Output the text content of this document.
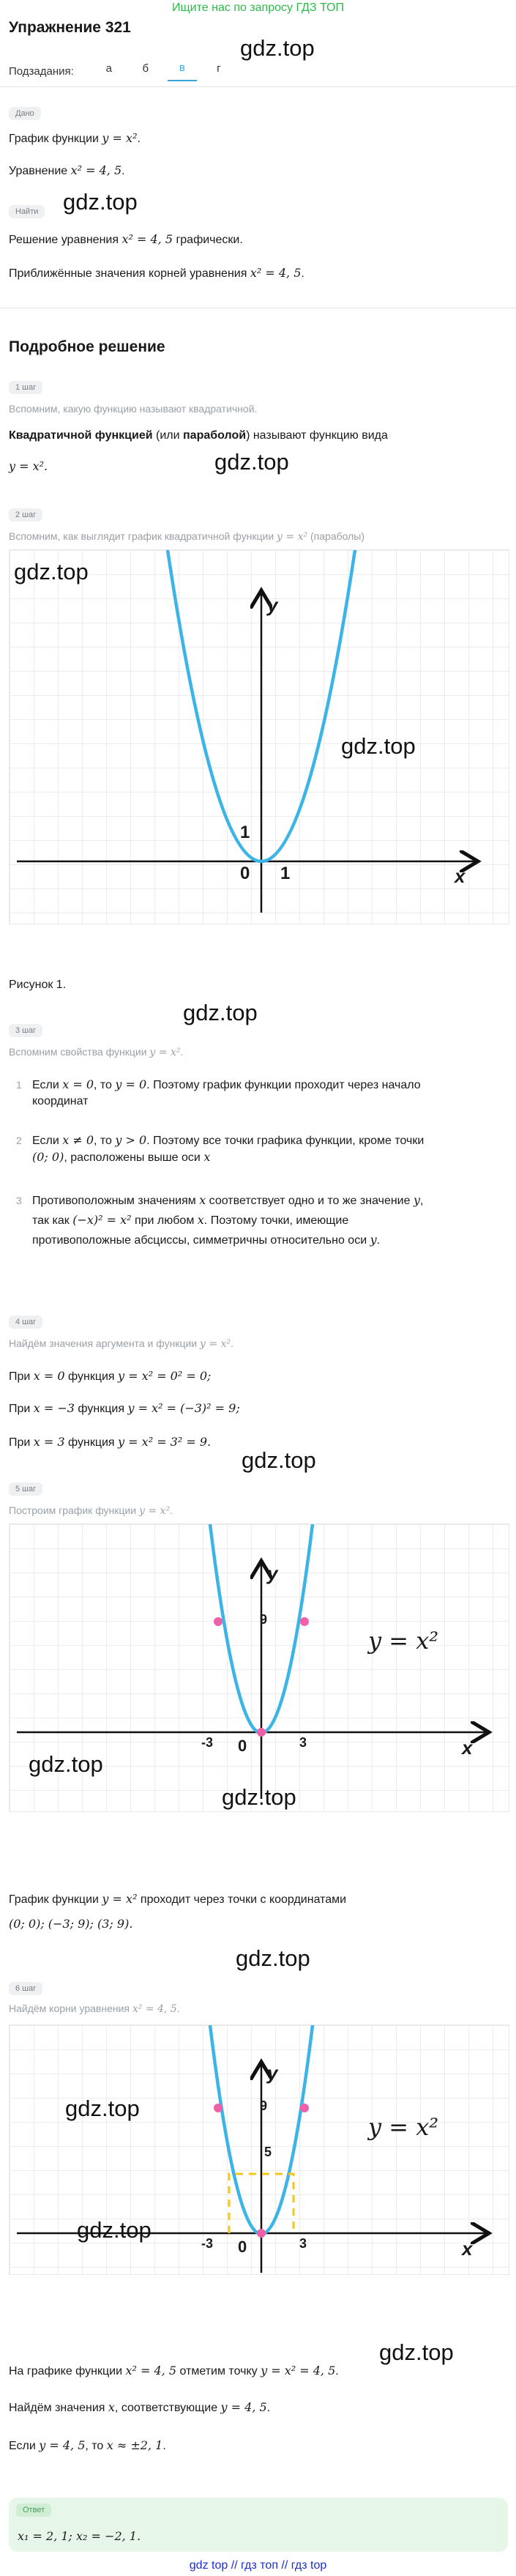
Ищите нас по запросу ГДЗ ТОП
Упражнение 321
gdz.top
Подзадания:	а	б	в	г
Дано
График функции y = x².
Уравнение x² = 4, 5.
Найти gdz.top
Решение уравнения x² = 4, 5 графически.
Приближённые значения корней уравнения x² = 4, 5.
Подробное решение
1 шаг
Вспомним, какую функцию называют квадратичной.
Квадратичной функцией (или параболой) называют функцию вида
y = x².	gdz.top
2 шаг
Вспомним, как выглядит график квадратичной функции y = x² (параболы)
y
x
0 1
1
gdz.top
gdz.top
Рисунок 1.
gdz.top
3 шаг
Вспомним свойства функции y = x².
1 Если x = 0, то y = 0. Поэтому график функции проходит через начало
координат
2 Если x ≠ 0, то y > 0. Поэтому все точки графика функции, кроме точки
(0; 0), расположены выше оси x
3 Противоположным значениям x соответствует одно и то же значение y,
так как (−x)² = x² при любом x. Поэтому точки, имеющие
противоположные абсциссы, симметричны относительно оси y.
4 шаг
Найдём значения аргумента и функции y = x².
При x = 0 функция y = x² = 0² = 0;
При x = −3 функция y = x² = (−3)² = 9;
При x = 3 функция y = x² = 3² = 9.
gdz.top
5 шаг
Построим график функции y = x².
y
x
0
-3	3
9
y = x²
gdz.top
gdz.top
График функции y = x² проходит через точки с координатами
(0; 0); (−3; 9); (3; 9).
gdz.top
6 шаг
Найдём корни уравнения x² = 4, 5.
y
x
0
-3	3
9
5
y = x²
gdz.top
gdz.top
gdz.top
На графике функции x² = 4, 5 отметим точку y = x² = 4, 5.
Найдём значения x, соответствующие y = 4, 5.
Если y = 4, 5, то x ≈ ±2, 1.
Ответ
x₁ = 2, 1; x₂ = −2, 1.
gdz top // гдз топ // гдз top
